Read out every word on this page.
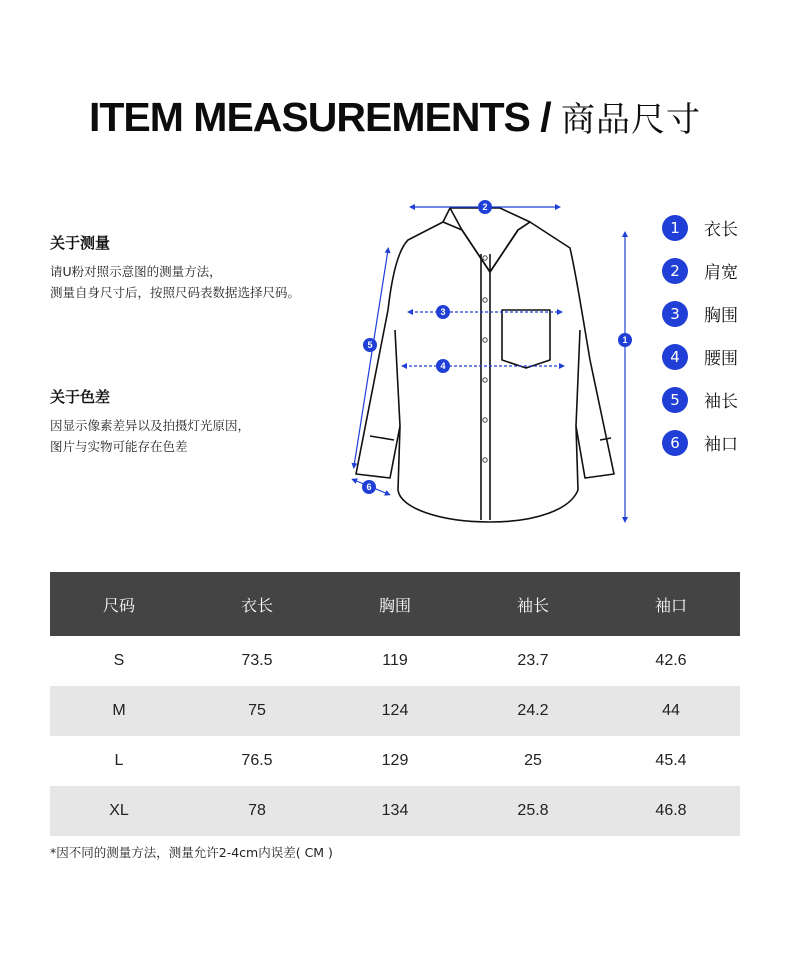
ITEM MEASUREMENTS / 商品尺寸
关于测量

请U粉对照示意图的测量方法，

测量自身尺寸后，按照尺码表数据选择尺码。

关于色差

因显示像素差异以及拍摄灯光原因，

图片与实物可能存在色差

2
1
3
4
5
6
1	衣长
2	肩宽
3	胸围
4	腰围
5	袖长
6	袖口
尺码	衣长	胸围	袖长	袖口
S	73.5	119	23.7	42.6
M	75	124	24.2	44
L	76.5	129	25	45.4
XL	78	134	25.8	46.8
*因不同的测量方法，测量允许2-4cm内误差( CM )
